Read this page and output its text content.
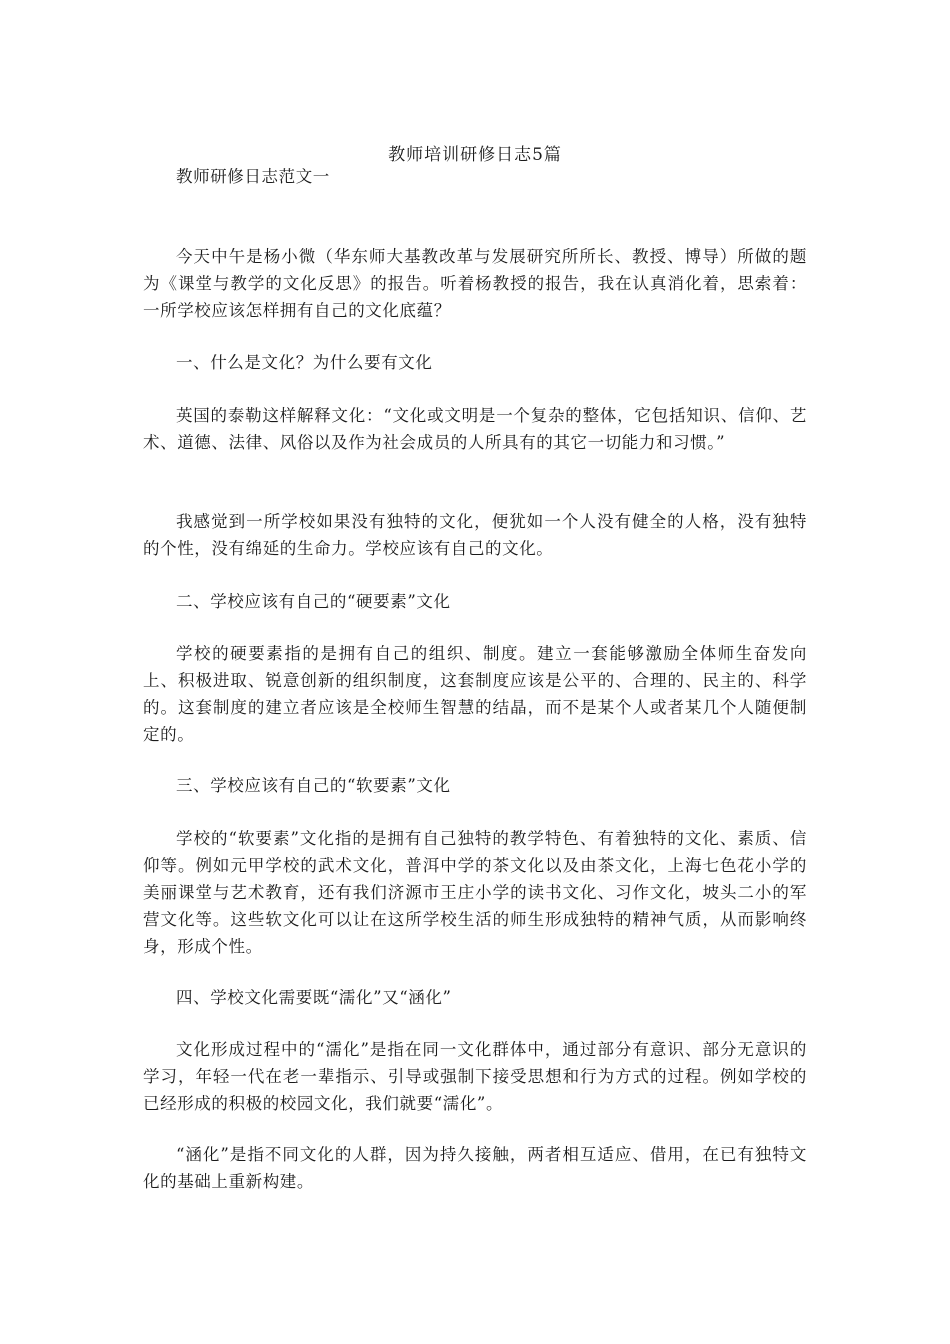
教师培训研修日志5篇
教师研修日志范文一
今天中午是杨小微（华东师大基教改革与发展研究所所长、教授、博导）所做的题为《课堂与教学的文化反思》的报告。听着杨教授的报告，我在认真消化着，思索着：一所学校应该怎样拥有自己的文化底蕴？
一、什么是文化？为什么要有文化
英国的泰勒这样解释文化：“文化或文明是一个复杂的整体，它包括知识、信仰、艺术、道德、法律、风俗以及作为社会成员的人所具有的其它一切能力和习惯。”
我感觉到一所学校如果没有独特的文化，便犹如一个人没有健全的人格，没有独特的个性，没有绵延的生命力。学校应该有自己的文化。
二、学校应该有自己的“硬要素”文化
学校的硬要素指的是拥有自己的组织、制度。建立一套能够激励全体师生奋发向上、积极进取、锐意创新的组织制度，这套制度应该是公平的、合理的、民主的、科学的。这套制度的建立者应该是全校师生智慧的结晶，而不是某个人或者某几个人随便制定的。
三、学校应该有自己的“软要素”文化
学校的“软要素”文化指的是拥有自己独特的教学特色、有着独特的文化、素质、信仰等。例如元甲学校的武术文化，普洱中学的茶文化以及由茶文化，上海七色花小学的美丽课堂与艺术教育，还有我们济源市王庄小学的读书文化、习作文化，坡头二小的军营文化等。这些软文化可以让在这所学校生活的师生形成独特的精神气质，从而影响终身，形成个性。
四、学校文化需要既“濡化”又“涵化”
文化形成过程中的“濡化”是指在同一文化群体中，通过部分有意识、部分无意识的学习，年轻一代在老一辈指示、引导或强制下接受思想和行为方式的过程。例如学校的已经形成的积极的校园文化，我们就要“濡化”。
“涵化”是指不同文化的人群，因为持久接触，两者相互适应、借用，在已有独特文化的基础上重新构建。
